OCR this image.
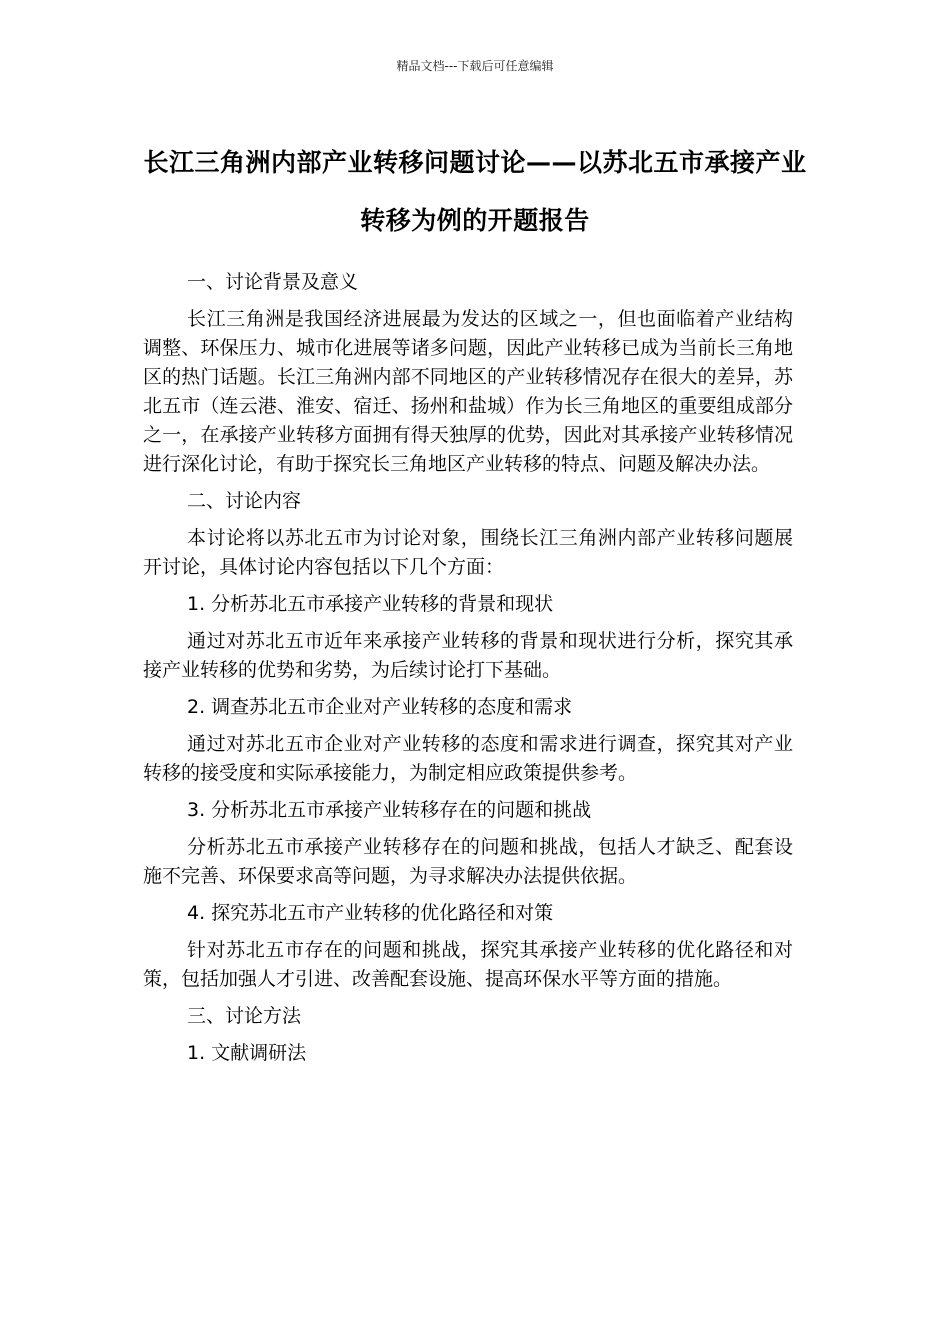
精品文档---下载后可任意编辑
长江三角洲内部产业转移问题讨论——以苏北五市承接产业转移为例的开题报告

一、讨论背景及意义

长江三角洲是我国经济进展最为发达的区域之一，但也面临着产业结构调整、环保压力、城市化进展等诸多问题，因此产业转移已成为当前长三角地区的热门话题。长江三角洲内部不同地区的产业转移情况存在很大的差异，苏北五市（连云港、淮安、宿迁、扬州和盐城）作为长三角地区的重要组成部分之一，在承接产业转移方面拥有得天独厚的优势，因此对其承接产业转移情况进行深化讨论，有助于探究长三角地区产业转移的特点、问题及解决办法。

二、讨论内容

本讨论将以苏北五市为讨论对象，围绕长江三角洲内部产业转移问题展开讨论，具体讨论内容包括以下几个方面：

1. 分析苏北五市承接产业转移的背景和现状

通过对苏北五市近年来承接产业转移的背景和现状进行分析，探究其承接产业转移的优势和劣势，为后续讨论打下基础。

2. 调查苏北五市企业对产业转移的态度和需求

通过对苏北五市企业对产业转移的态度和需求进行调查，探究其对产业转移的接受度和实际承接能力，为制定相应政策提供参考。

3. 分析苏北五市承接产业转移存在的问题和挑战

分析苏北五市承接产业转移存在的问题和挑战，包括人才缺乏、配套设施不完善、环保要求高等问题，为寻求解决办法提供依据。

4. 探究苏北五市产业转移的优化路径和对策

针对苏北五市存在的问题和挑战，探究其承接产业转移的优化路径和对策，包括加强人才引进、改善配套设施、提高环保水平等方面的措施。

三、讨论方法

1. 文献调研法
